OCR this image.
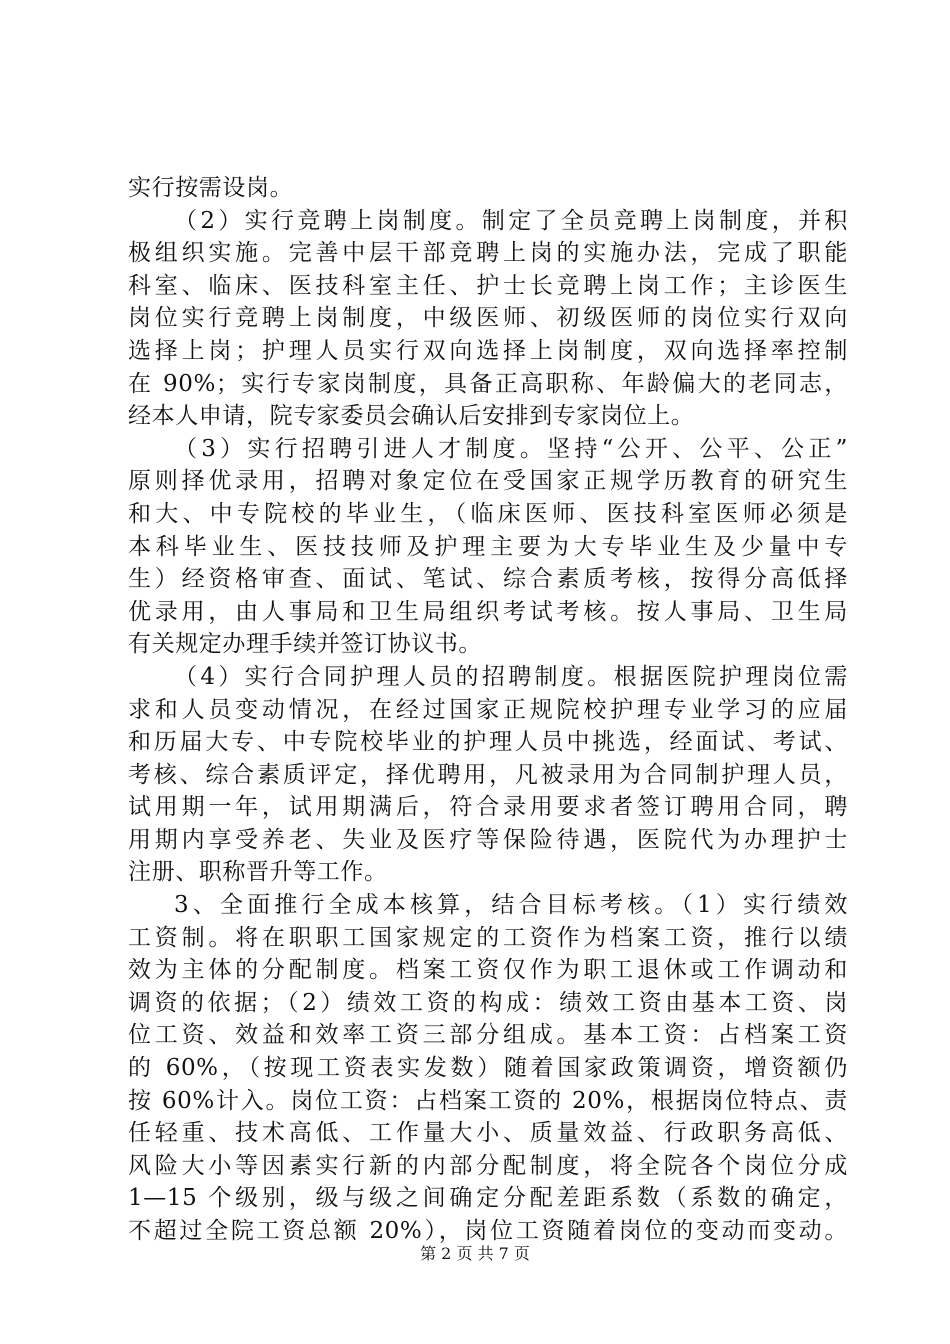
实行按需设岗。
（2）实行竞聘上岗制度。制定了全员竞聘上岗制度，并积
极组织实施。完善中层干部竞聘上岗的实施办法，完成了职能
科室、临床、医技科室主任、护士长竞聘上岗工作；主诊医生
岗位实行竞聘上岗制度，中级医师、初级医师的岗位实行双向
选择上岗；护理人员实行双向选择上岗制度，双向选择率控制
在 90%；实行专家岗制度，具备正高职称、年龄偏大的老同志，
经本人申请，院专家委员会确认后安排到专家岗位上。
（3）实行招聘引进人才制度。坚持“公开、公平、公正”
原则择优录用，招聘对象定位在受国家正规学历教育的研究生
和大、中专院校的毕业生，（临床医师、医技科室医师必须是
本科毕业生、医技技师及护理主要为大专毕业生及少量中专
生）经资格审查、面试、笔试、综合素质考核，按得分高低择
优录用，由人事局和卫生局组织考试考核。按人事局、卫生局
有关规定办理手续并签订协议书。
（4）实行合同护理人员的招聘制度。根据医院护理岗位需
求和人员变动情况，在经过国家正规院校护理专业学习的应届
和历届大专、中专院校毕业的护理人员中挑选，经面试、考试、
考核、综合素质评定，择优聘用，凡被录用为合同制护理人员，
试用期一年，试用期满后，符合录用要求者签订聘用合同，聘
用期内享受养老、失业及医疗等保险待遇，医院代为办理护士
注册、职称晋升等工作。
3、全面推行全成本核算，结合目标考核。（1）实行绩效
工资制。将在职职工国家规定的工资作为档案工资，推行以绩
效为主体的分配制度。档案工资仅作为职工退休或工作调动和
调资的依据；（2）绩效工资的构成：绩效工资由基本工资、岗
位工资、效益和效率工资三部分组成。基本工资：占档案工资
的 60%，（按现工资表实发数）随着国家政策调资，增资额仍
按 60%计入。岗位工资：占档案工资的 20%，根据岗位特点、责
任轻重、技术高低、工作量大小、质量效益、行政职务高低、
风险大小等因素实行新的内部分配制度，将全院各个岗位分成
1—15 个级别，级与级之间确定分配差距系数（系数的确定，
不超过全院工资总额 20%），岗位工资随着岗位的变动而变动。
第 2 页 共 7 页
